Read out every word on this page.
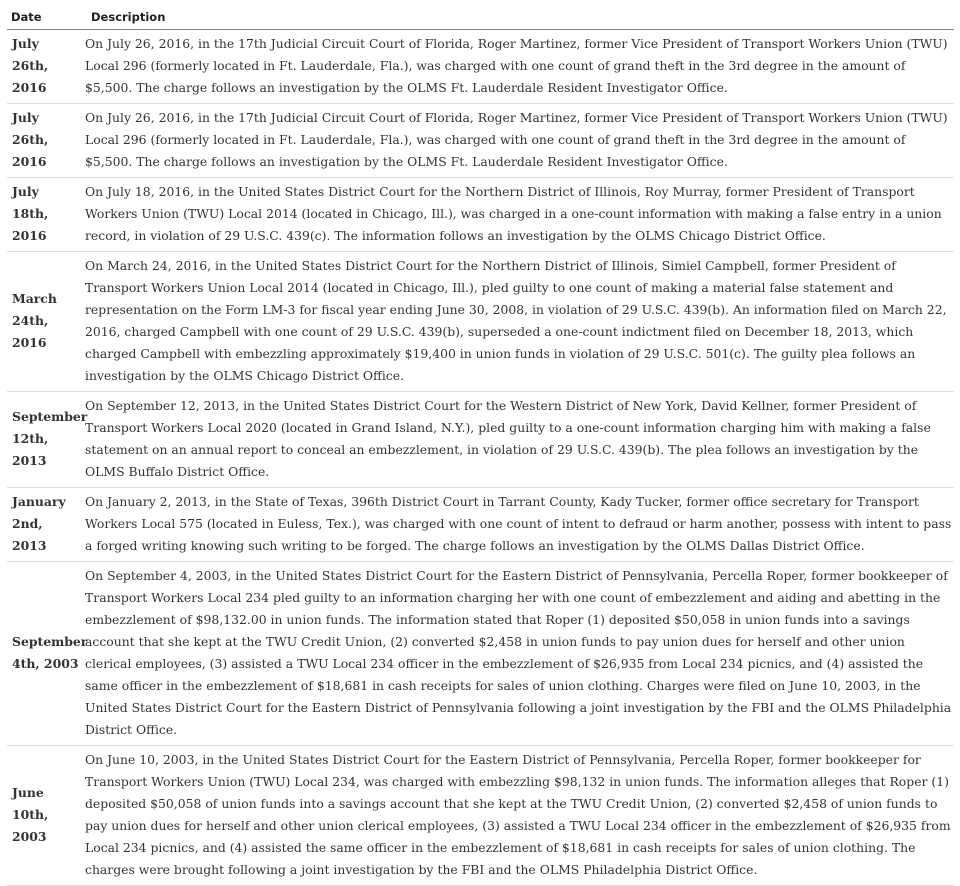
Date	Description
July 26th, 2016	On July 26, 2016, in the 17th Judicial Circuit Court of Florida, Roger Martinez, former Vice President of Transport Workers Union (TWU) Local 296 (formerly located in Ft. Lauderdale, Fla.), was charged with one count of grand theft in the 3rd degree in the amount of $5,500. The charge follows an investigation by the OLMS Ft. Lauderdale Resident Investigator Office.
July 26th, 2016	On July 26, 2016, in the 17th Judicial Circuit Court of Florida, Roger Martinez, former Vice President of Transport Workers Union (TWU) Local 296 (formerly located in Ft. Lauderdale, Fla.), was charged with one count of grand theft in the 3rd degree in the amount of $5,500. The charge follows an investigation by the OLMS Ft. Lauderdale Resident Investigator Office.
July 18th, 2016	On July 18, 2016, in the United States District Court for the Northern District of Illinois, Roy Murray, former President of Transport Workers Union (TWU) Local 2014 (located in Chicago, Ill.), was charged in a one-count information with making a false entry in a union record, in violation of 29 U.S.C. 439(c). The information follows an investigation by the OLMS Chicago District Office.
March 24th, 2016	On March 24, 2016, in the United States District Court for the Northern District of Illinois, Simiel Campbell, former President of Transport Workers Union Local 2014 (located in Chicago, Ill.), pled guilty to one count of making a material false statement and representation on the Form LM-3 for fiscal year ending June 30, 2008, in violation of 29 U.S.C. 439(b). An information filed on March 22, 2016, charged Campbell with one count of 29 U.S.C. 439(b), superseded a one-count indictment filed on December 18, 2013, which charged Campbell with embezzling approximately $19,400 in union funds in violation of 29 U.S.C. 501(c). The guilty plea follows an investigation by the OLMS Chicago District Office.
September 12th, 2013	On September 12, 2013, in the United States District Court for the Western District of New York, David Kellner, former President of Transport Workers Local 2020 (located in Grand Island, N.Y.), pled guilty to a one-count information charging him with making a false statement on an annual report to conceal an embezzlement, in violation of 29 U.S.C. 439(b). The plea follows an investigation by the OLMS Buffalo District Office.
January 2nd, 2013	On January 2, 2013, in the State of Texas, 396th District Court in Tarrant County, Kady Tucker, former office secretary for Transport Workers Local 575 (located in Euless, Tex.), was charged with one count of intent to defraud or harm another, possess with intent to pass a forged writing knowing such writing to be forged. The charge follows an investigation by the OLMS Dallas District Office.
September 4th, 2003	On September 4, 2003, in the United States District Court for the Eastern District of Pennsylvania, Percella Roper, former bookkeeper of Transport Workers Local 234 pled guilty to an information charging her with one count of embezzlement and aiding and abetting in the embezzlement of $98,132.00 in union funds. The information stated that Roper (1) deposited $50,058 in union funds into a savings account that she kept at the TWU Credit Union, (2) converted $2,458 in union funds to pay union dues for herself and other union clerical employees, (3) assisted a TWU Local 234 officer in the embezzlement of $26,935 from Local 234 picnics, and (4) assisted the same officer in the embezzlement of $18,681 in cash receipts for sales of union clothing. Charges were filed on June 10, 2003, in the United States District Court for the Eastern District of Pennsylvania following a joint investigation by the FBI and the OLMS Philadelphia District Office.
June 10th, 2003	On June 10, 2003, in the United States District Court for the Eastern District of Pennsylvania, Percella Roper, former bookkeeper for Transport Workers Union (TWU) Local 234, was charged with embezzling $98,132 in union funds. The information alleges that Roper (1) deposited $50,058 of union funds into a savings account that she kept at the TWU Credit Union, (2) converted $2,458 of union funds to pay union dues for herself and other union clerical employees, (3) assisted a TWU Local 234 officer in the embezzlement of $26,935 from Local 234 picnics, and (4) assisted the same officer in the embezzlement of $18,681 in cash receipts for sales of union clothing. The charges were brought following a joint investigation by the FBI and the OLMS Philadelphia District Office.
